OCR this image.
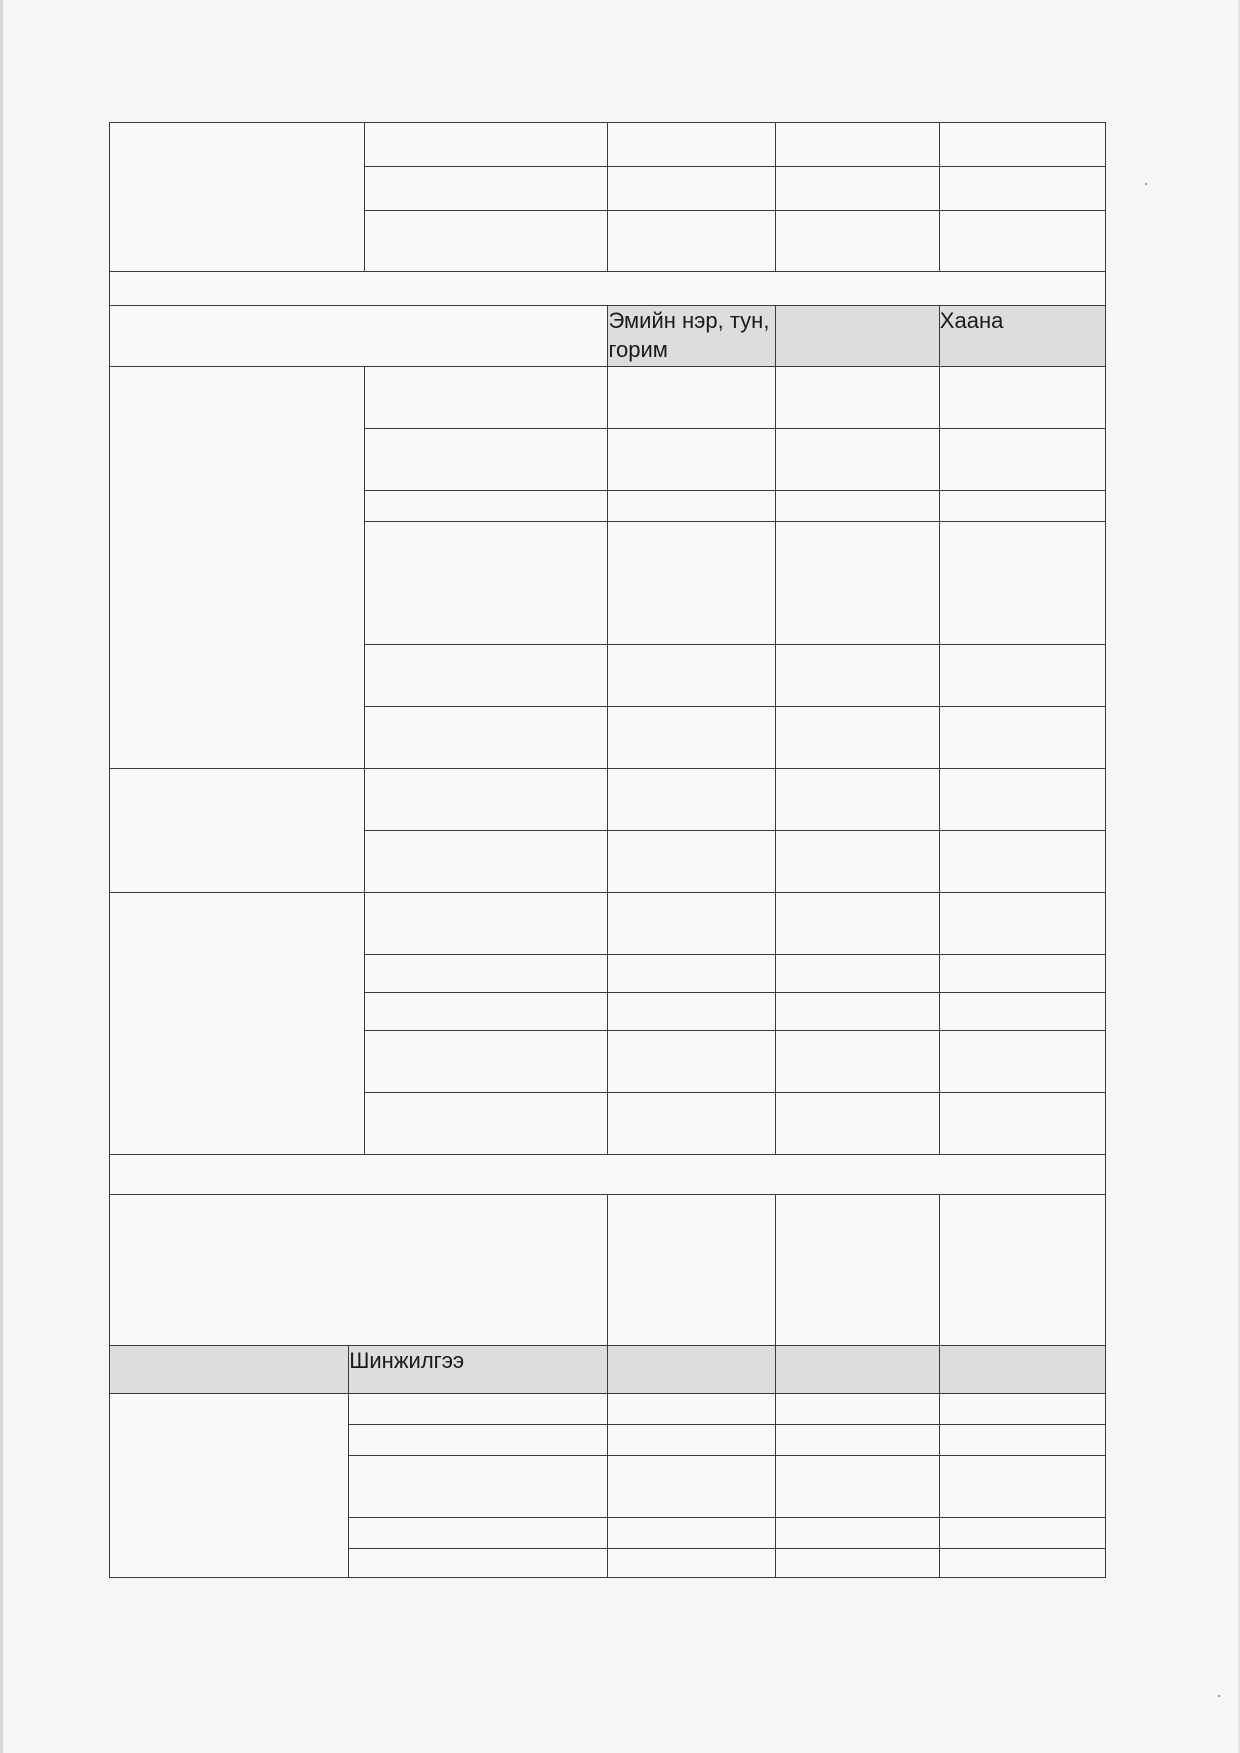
		Эмийн нэр, тун, горим		Хаана

	Шинжилгээ			
